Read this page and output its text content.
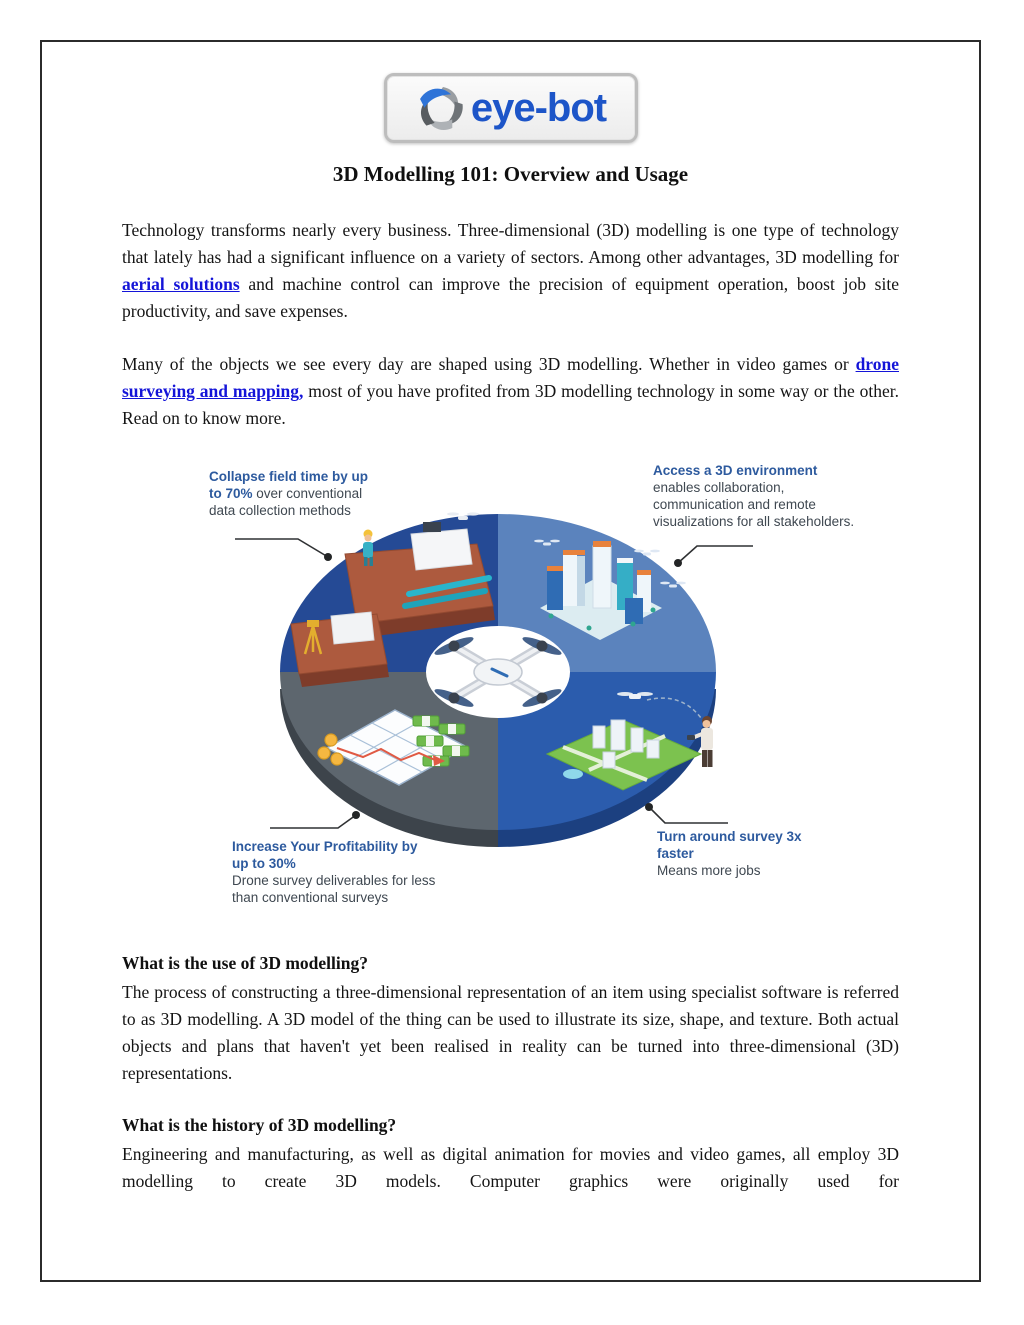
eye-bot
3D Modelling 101: Overview and Usage

Technology transforms nearly every business. Three-dimensional (3D) modelling is one type of technology that lately has had a significant influence on a variety of sectors. Among other advantages, 3D modelling for aerial solutions and machine control can improve the precision of equipment operation, boost job site productivity, and save expenses.

Many of the objects we see every day are shaped using 3D modelling. Whether in video games or drone surveying and mapping, most of you have profited from 3D modelling technology in some way or the other. Read on to know more.

Collapse field time by up to 70% over conventional data collection methods
Access a 3D environment enables collaboration, communication and remote visualizations for all stakeholders.
Increase Your Profitability by up to 30%
Drone survey deliverables for less than conventional surveys
Turn around survey 3x faster
Means more jobs
What is the use of 3D modelling?

The process of constructing a three-dimensional representation of an item using specialist software is referred to as 3D modelling. A 3D model of the thing can be used to illustrate its size, shape, and texture. Both actual objects and plans that haven't yet been realised in reality can be turned into three-dimensional (3D) representations.

What is the history of 3D modelling?

Engineering and manufacturing, as well as digital animation for movies and video games, all employ 3D modelling to create 3D models. Computer graphics were originally used for
